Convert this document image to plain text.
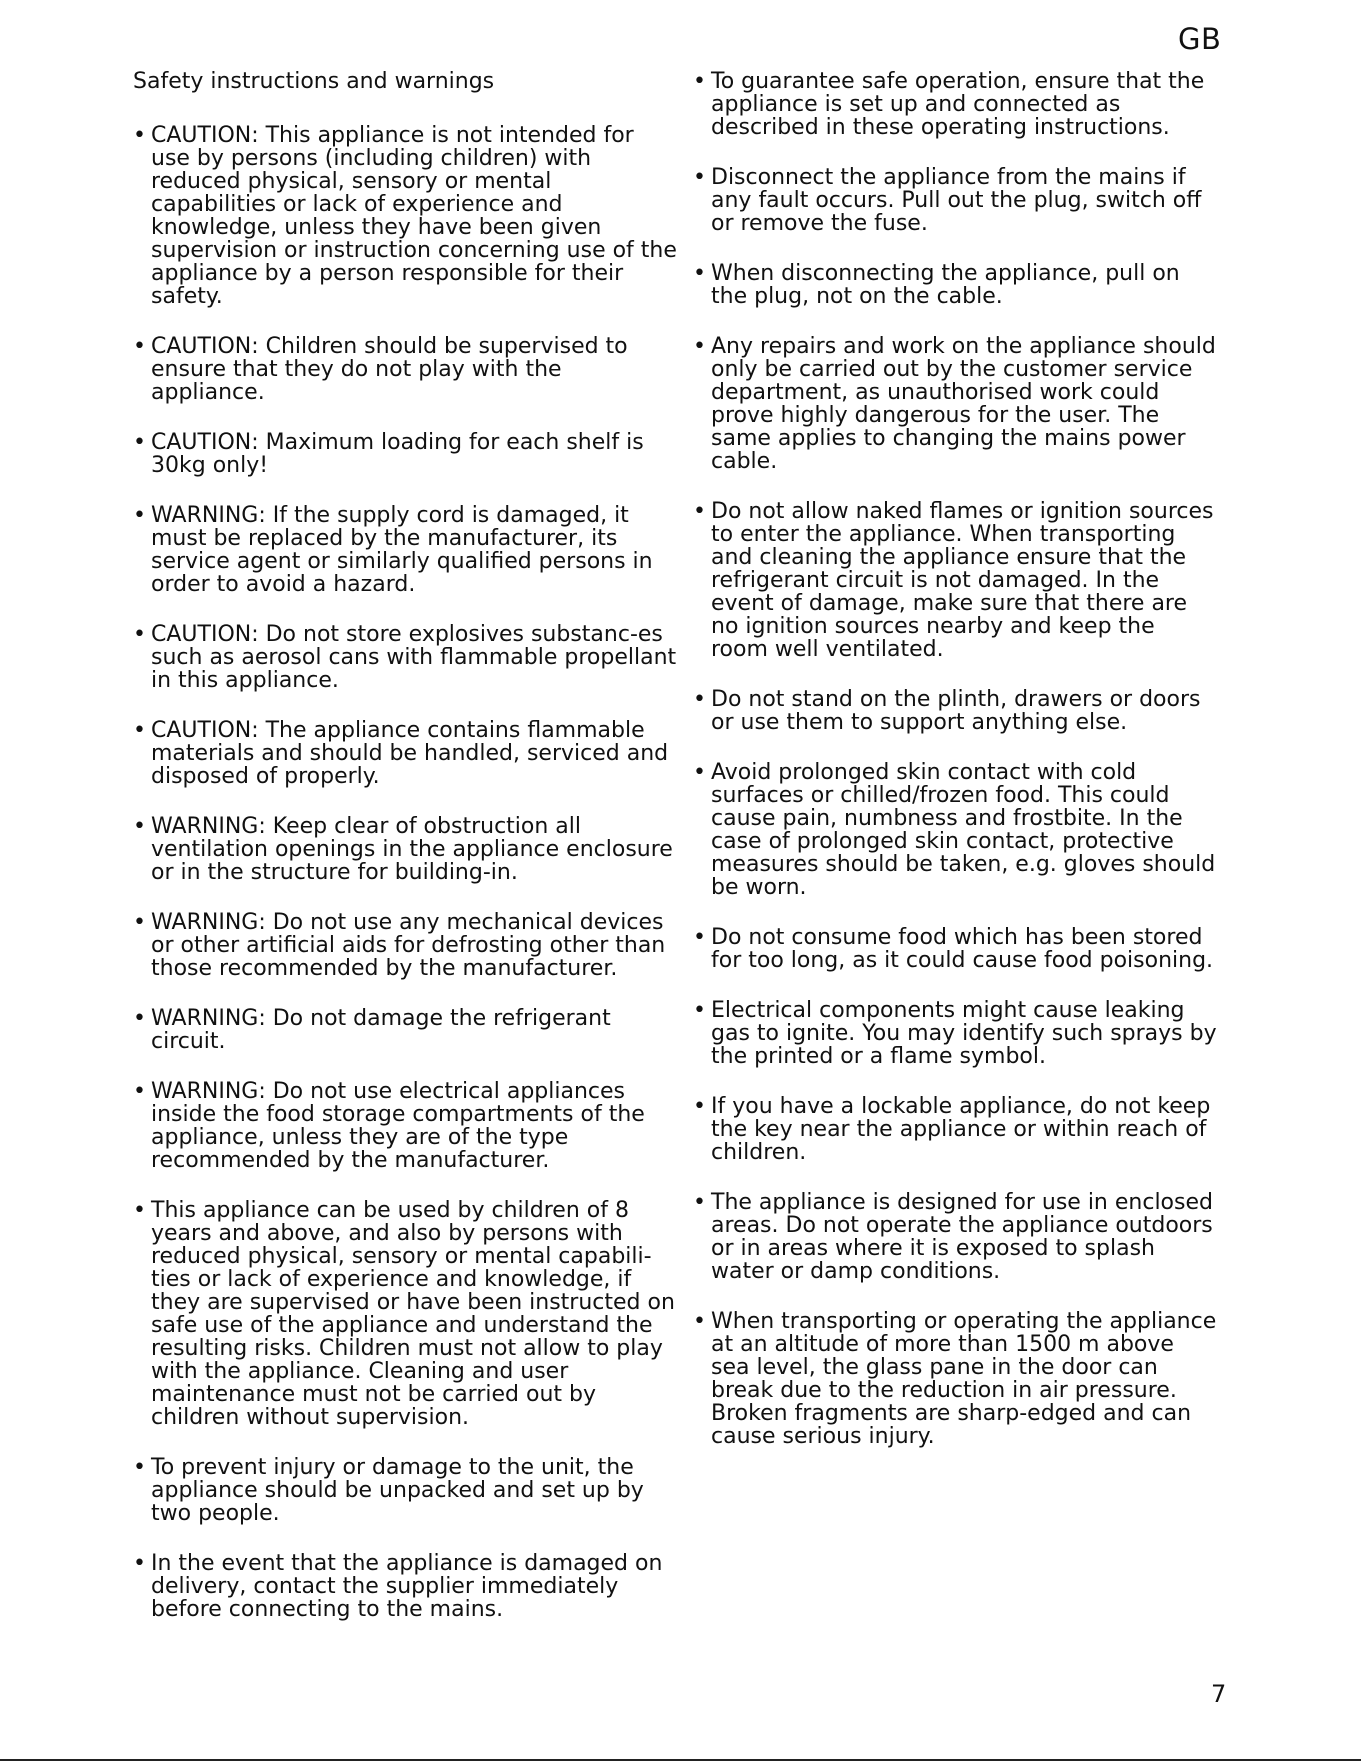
GB
Safety instructions and warnings
• CAUTION: This appliance is not intended for use by persons (including children) with reduced physical, sensory or mental capabilities or lack of experience and knowledge, unless they have been given supervision or instruction concerning use of the appliance by a person responsible for their safety.
• CAUTION: Children should be supervised to ensure that they do not play with the appliance.
• CAUTION: Maximum loading for each shelf is 30kg only!
• WARNING: If the supply cord is damaged, it must be replaced by the manufacturer, its service agent or similarly qualified persons in order to avoid a hazard.
• CAUTION: Do not store explosives substanc-es such as aerosol cans with flammable propellant in this appliance.
• CAUTION: The appliance contains flammable materials and should be handled, serviced and disposed of properly.
• WARNING: Keep clear of obstruction all ventilation openings in the appliance enclosure or in the structure for building-in.
• WARNING: Do not use any mechanical devices or other artificial aids for defrosting other than those recommended by the manufacturer.
• WARNING: Do not damage the refrigerant circuit.
• WARNING: Do not use electrical appliances inside the food storage compartments of the appliance, unless they are of the type recommended by the manufacturer.
• This appliance can be used by children of 8 years and above, and also by persons with reduced physical, sensory or mental capabili-ties or lack of experience and knowledge, if they are supervised or have been instructed on safe use of the appliance and understand the resulting risks. Children must not allow to play with the appliance. Cleaning and user maintenance must not be carried out by children without supervision.
• To prevent injury or damage to the unit, the appliance should be unpacked and set up by two people.
• In the event that the appliance is damaged on delivery, contact the supplier immediately before connecting to the mains.
• To guarantee safe operation, ensure that the appliance is set up and connected as described in these operating instructions.
• Disconnect the appliance from the mains if any fault occurs. Pull out the plug, switch off or remove the fuse.
• When disconnecting the appliance, pull on the plug, not on the cable.
• Any repairs and work on the appliance should only be carried out by the customer service department, as unauthorised work could prove highly dangerous for the user. The same applies to changing the mains power cable.
• Do not allow naked flames or ignition sources to enter the appliance. When transporting and cleaning the appliance ensure that the refrigerant circuit is not damaged. In the event of damage, make sure that there are no ignition sources nearby and keep the room well ventilated.
• Do not stand on the plinth, drawers or doors or use them to support anything else.
• Avoid prolonged skin contact with cold surfaces or chilled/frozen food. This could cause pain, numbness and frostbite. In the case of prolonged skin contact, protective measures should be taken, e.g. gloves should be worn.
• Do not consume food which has been stored for too long, as it could cause food poisoning.
• Electrical components might cause leaking gas to ignite. You may identify such sprays by the printed or a flame symbol.
• If you have a lockable appliance, do not keep the key near the appliance or within reach of children.
• The appliance is designed for use in enclosed areas. Do not operate the appliance outdoors or in areas where it is exposed to splash water or damp conditions.
• When transporting or operating the appliance at an altitude of more than 1500 m above sea level, the glass pane in the door can break due to the reduction in air pressure. Broken fragments are sharp-edged and can cause serious injury.
7
